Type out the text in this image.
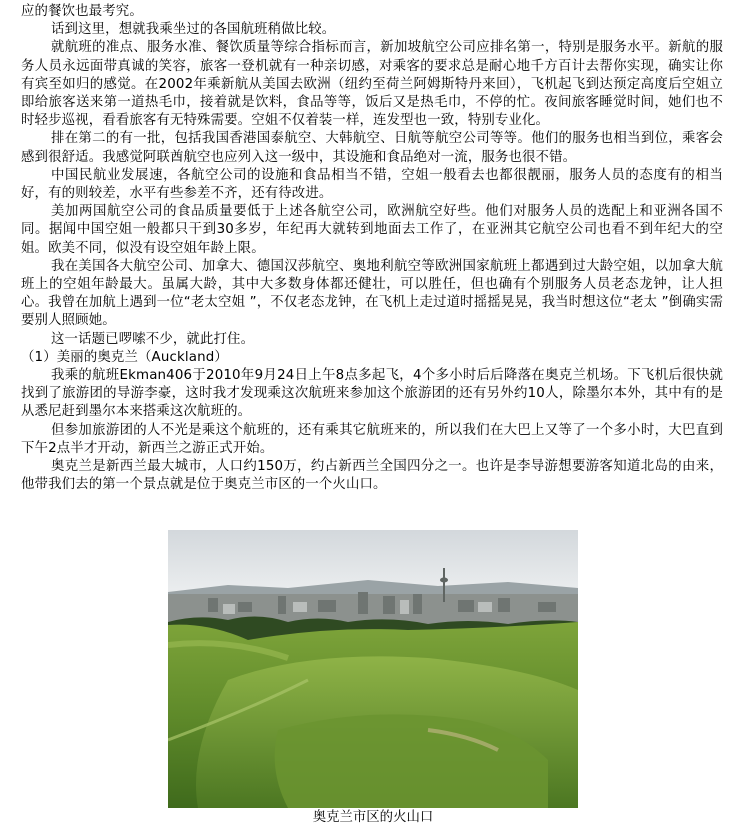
应的餐饮也最考究。

话到这里，想就我乘坐过的各国航班稍做比较。

就航班的准点、服务水准、餐饮质量等综合指标而言，新加坡航空公司应排名第一，特别是服务水平。新航的服务人员永远面带真诚的笑容，旅客一登机就有一种亲切感，对乘客的要求总是耐心地千方百计去帮你实现，确实让你有宾至如归的感觉。在2002年乘新航从美国去欧洲（纽约至荷兰阿姆斯特丹来回），飞机起飞到达预定高度后空姐立即给旅客送来第一道热毛巾，接着就是饮料，食品等等，饭后又是热毛巾，不停的忙。夜间旅客睡觉时间，她们也不时轻步巡视，看看旅客有无特殊需要。空姐不仅着装一样，连发型也一致，特别专业化。

排在第二的有一批，包括我国香港国泰航空、大韩航空、日航等航空公司等等。他们的服务也相当到位，乘客会感到很舒适。我感觉阿联酋航空也应列入这一级中，其设施和食品绝对一流，服务也很不错。

中国民航业发展速，各航空公司的设施和食品相当不错，空姐一般看去也都很靓丽，服务人员的态度有的相当好，有的则较差，水平有些参差不齐，还有待改进。

美加两国航空公司的食品质量要低于上述各航空公司，欧洲航空好些。他们对服务人员的选配上和亚洲各国不同。据闻中国空姐一般都只干到30多岁，年纪再大就转到地面去工作了，在亚洲其它航空公司也看不到年纪大的空姐。欧美不同，似没有设空姐年龄上限。

我在美国各大航空公司、加拿大、德国汉莎航空、奥地利航空等欧洲国家航班上都遇到过大龄空姐，以加拿大航班上的空姐年龄最大。虽属大龄，其中大多数身体都还健壮，可以胜任，但也确有个别服务人员老态龙钟，让人担心。我曾在加航上遇到一位“老太空姐 ”，不仅老态龙钟，在飞机上走过道时摇摇晃晃，我当时想这位“老太 ”倒确实需要别人照顾她。

这一话题已啰嗦不少，就此打住。

（1）美丽的奥克兰（Auckland）

我乘的航班Ekman406于2010年9月24日上午8点多起飞，4个多小时后后降落在奥克兰机场。下飞机后很快就找到了旅游团的导游李豪，这时我才发现乘这次航班来参加这个旅游团的还有另外约10人，除墨尔本外，其中有的是从悉尼赶到墨尔本来搭乘这次航班的。

但参加旅游团的人不光是乘这个航班的，还有乘其它航班来的，所以我们在大巴上又等了一个多小时，大巴直到下午2点半才开动，新西兰之游正式开始。

奥克兰是新西兰最大城市，人口约150万，约占新西兰全国四分之一。也许是李导游想要游客知道北岛的由来，他带我们去的第一个景点就是位于奥克兰市区的一个火山口。

奥克兰市区的火山口
